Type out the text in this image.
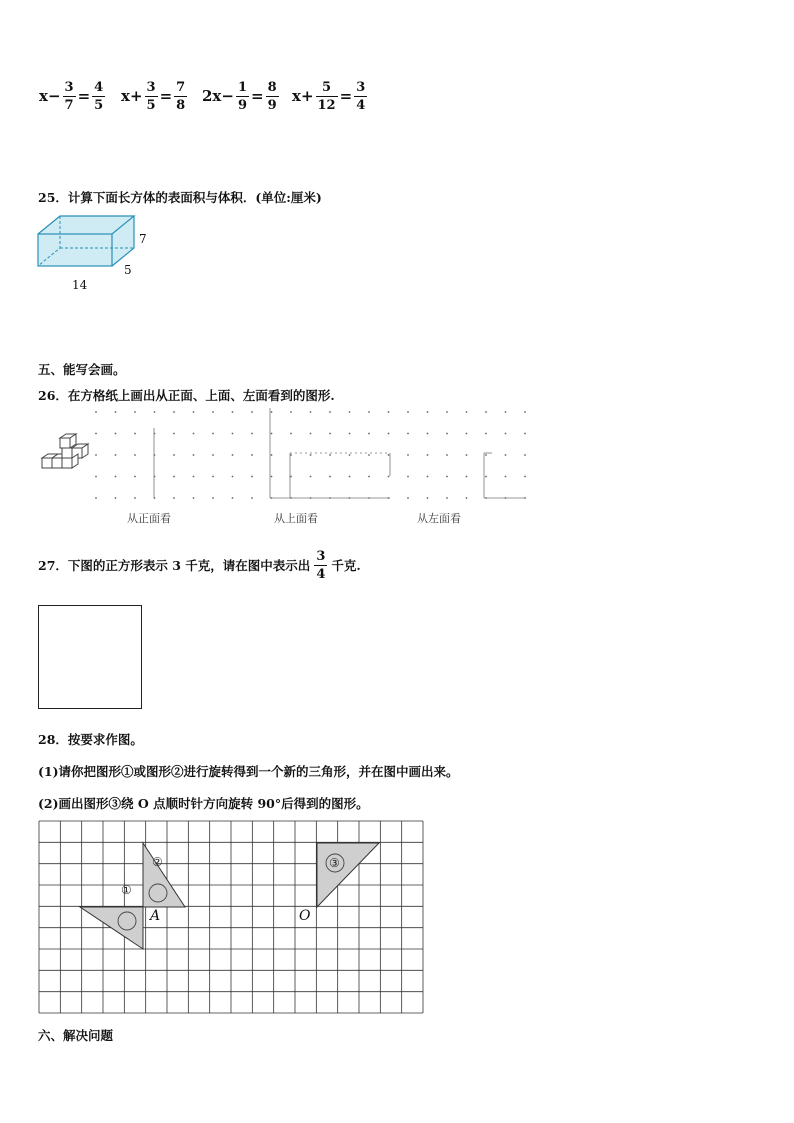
$x- \frac{3}{7} = \frac{4}{5} x+ \frac{3}{5} = \frac{7}{8} 2x- \frac{1}{9} = \frac{8}{9} x+ \frac{5}{12} = \frac{3}{4}$
25．计算下面长方体的表面积与体积．(单位:厘米)
7
5
14
五、能写会画。
26．在方格纸上画出从正面、上面、左面看到的图形.
从正面看	从上面看	从左面看
27．下图的正方形表示 3 千克，请在图中表示出 $\frac{3}{4}$ 千克.
28．按要求作图。
(1)请你把图形①或图形②进行旋转得到一个新的三角形，并在图中画出来。
(2)画出图形③绕 O 点顺时针方向旋转 90°后得到的图形。
①
②	③
A	O
六、解决问题
